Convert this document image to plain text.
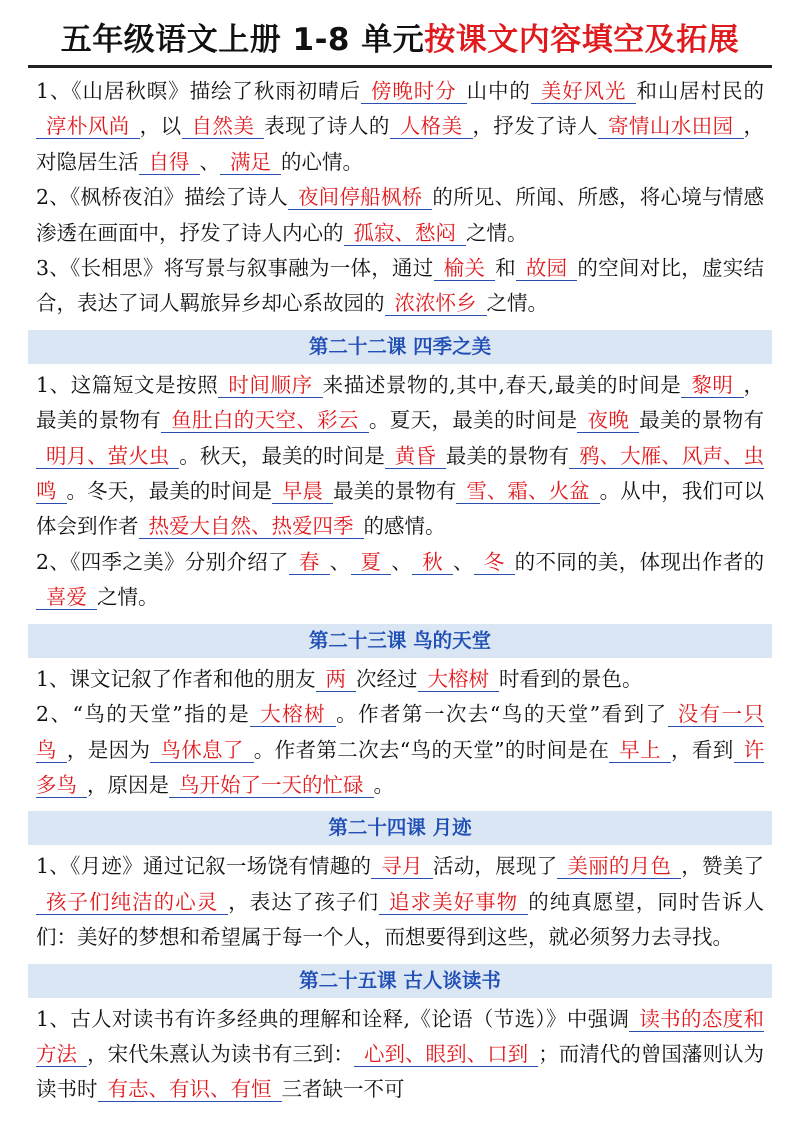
五年级语文上册 1-8 单元按课文内容填空及拓展

1、《山居秋暝》描绘了秋雨初晴后 傍晚时分 山中的 美好风光 和山居村民的淳朴风尚 ，以 自然美 表现了诗人的 人格美 ，抒发了诗人 寄情山水田园 ，对隐居生活 自得 、 满足 的心情。

2、《枫桥夜泊》描绘了诗人 夜间停船枫桥 的所见、所闻、所感，将心境与情感渗透在画面中，抒发了诗人内心的 孤寂、愁闷 之情。

3、《长相思》将写景与叙事融为一体，通过 榆关 和 故园 的空间对比，虚实结合，表达了词人羁旅异乡却心系故园的 浓浓怀乡 之情。

第二十二课 四季之美

1、这篇短文是按照 时间顺序 来描述景物的,其中,春天,最美的时间是 黎明 ，最美的景物有 鱼肚白的天空、彩云 。夏天，最美的时间是 夜晚 最美的景物有明月、萤火虫 。秋天，最美的时间是 黄昏 最美的景物有 鸦、大雁、风声、虫鸣 。冬天，最美的时间是 早晨 最美的景物有 雪、霜、火盆 。从中，我们可以体会到作者 热爱大自然、热爱四季 的感情。

2、《四季之美》分别介绍了 春 、 夏 、 秋 、 冬 的不同的美，体现出作者的喜爱 之情。

第二十三课 鸟的天堂

1、课文记叙了作者和他的朋友 两 次经过 大榕树 时看到的景色。

2、“鸟的天堂”指的是 大榕树 。作者第一次去“鸟的天堂”看到了 没有一只鸟 ，是因为 鸟休息了 。作者第二次去“鸟的天堂”的时间是在 早上 ，看到 许多鸟 ，原因是 鸟开始了一天的忙碌 。

第二十四课 月迹

1、《月迹》通过记叙一场饶有情趣的 寻月 活动，展现了 美丽的月色 ，赞美了孩子们纯洁的心灵 ，表达了孩子们 追求美好事物 的纯真愿望，同时告诉人们：美好的梦想和希望属于每一个人，而想要得到这些，就必须努力去寻找。

第二十五课 古人谈读书

1、古人对读书有许多经典的理解和诠释,《论语（节选）》中强调 读书的态度和方法 ，宋代朱熹认为读书有三到： 心到、眼到、口到 ；而清代的曾国藩则认为读书时 有志、有识、有恒 三者缺一不可
